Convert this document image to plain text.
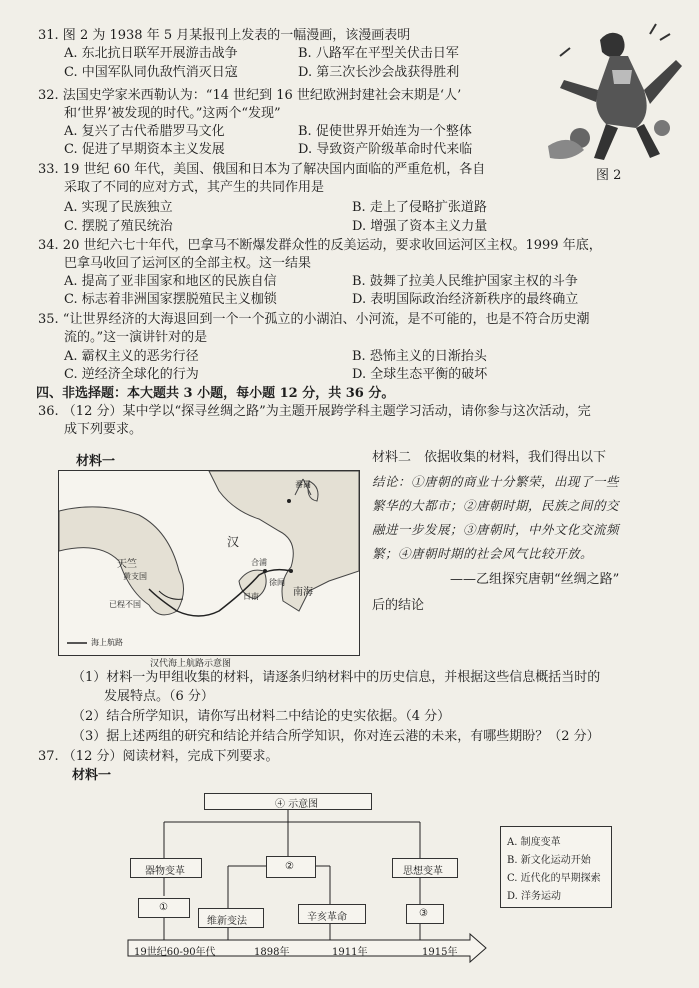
31. 图 2 为 1938 年 5 月某报刊上发表的一幅漫画，该漫画表明
A. 东北抗日联军开展游击战争	B. 八路军在平型关伏击日军
C. 中国军队同仇敌忾消灭日寇	D. 第三次长沙会战获得胜利
图 2
32. 法国史学家米西勒认为：“14 世纪到 16 世纪欧洲封建社会末期是‘人’
和‘世界’被发现的时代。”这两个“发现”
A. 复兴了古代希腊罗马文化	B. 促使世界开始连为一个整体
C. 促进了早期资本主义发展	D. 导致资产阶级革命时代来临
33. 19 世纪 60 年代，美国、俄国和日本为了解决国内面临的严重危机，各自
采取了不同的应对方式，其产生的共同作用是
A. 实现了民族独立	B. 走上了侵略扩张道路
C. 摆脱了殖民统治	D. 增强了资本主义力量
34. 20 世纪六七十年代，巴拿马不断爆发群众性的反美运动，要求收回运河区主权。1999 年底，
巴拿马收回了运河区的全部主权。这一结果
A. 提高了亚非国家和地区的民族自信	B. 鼓舞了拉美人民维护国家主权的斗争
C. 标志着非洲国家摆脱殖民主义枷锁	D. 表明国际政治经济新秩序的最终确立
35. “让世界经济的大海退回到一个一个孤立的小湖泊、小河流，是不可能的，也是不符合历史潮
流的。”这一演讲针对的是
A. 霸权主义的恶劣行径	B. 恐怖主义的日渐抬头
C. 逆经济全球化的行为	D. 全球生态平衡的破坏
四、非选择题：本大题共 3 小题，每小题 12 分，共 36 分。
36. （12 分）某中学以“探寻丝绸之路”为主题开展跨学科主题学习活动，请你参与这次活动，完
成下列要求。
材料一
汉
天竺
南海
番禺
徐闻
合浦
黄支国
已程不国
日南
海上航路
汉代海上航路示意图
材料二　依据收集的材料，我们得出以下
结论：①唐朝的商业十分繁荣，出现了一些
繁华的大都市；②唐朝时期，民族之间的交
融进一步发展；③唐朝时，中外文化交流频
繁；④唐朝时期的社会风气比较开放。
——乙组探究唐朝“丝绸之路”
后的结论
（1）材料一为甲组收集的材料，请逐条归纳材料中的历史信息，并根据这些信息概括当时的
发展特点。（6 分）
（2）结合所学知识，请你写出材料二中结论的史实依据。（4 分）
（3）据上述两组的研究和结论并结合所学知识，你对连云港的未来，有哪些期盼？（2 分）
37. （12 分）阅读材料，完成下列要求。
材料一
④ 示意图
器物变革	②	思想变革
①
维新变法	辛亥革命	③
A. 制度变革
B. 新文化运动开始
C. 近代化的早期探索
D. 洋务运动
19世纪60-90年代	1898年	1911年	1915年
